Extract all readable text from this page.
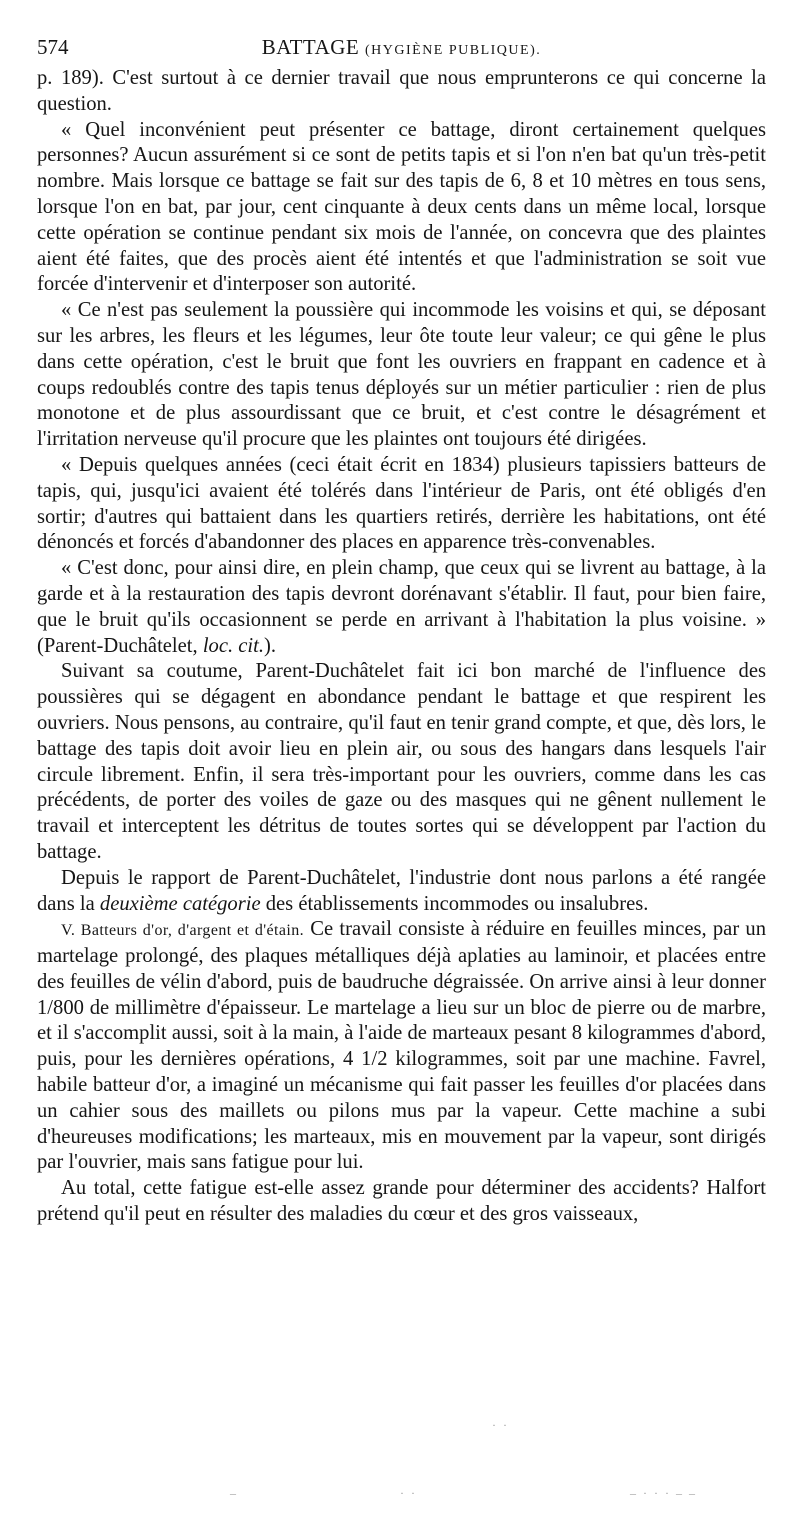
574	BATTAGE (HYGIÈNE PUBLIQUE).

p. 189). C'est surtout à ce dernier travail que nous emprunterons ce qui concerne la question.

« Quel inconvénient peut présenter ce battage, diront certainement quelques personnes? Aucun assurément si ce sont de petits tapis et si l'on n'en bat qu'un très-petit nombre. Mais lorsque ce battage se fait sur des tapis de 6, 8 et 10 mètres en tous sens, lorsque l'on en bat, par jour, cent cinquante à deux cents dans un même local, lorsque cette opération se continue pendant six mois de l'année, on concevra que des plaintes aient été faites, que des procès aient été intentés et que l'administration se soit vue forcée d'intervenir et d'interposer son autorité.

« Ce n'est pas seulement la poussière qui incommode les voisins et qui, se déposant sur les arbres, les fleurs et les légumes, leur ôte toute leur valeur; ce qui gêne le plus dans cette opération, c'est le bruit que font les ouvriers en frappant en cadence et à coups redoublés contre des tapis tenus déployés sur un métier particulier : rien de plus monotone et de plus assourdissant que ce bruit, et c'est contre le désagrément et l'irritation nerveuse qu'il procure que les plaintes ont toujours été dirigées.

« Depuis quelques années (ceci était écrit en 1834) plusieurs tapissiers batteurs de tapis, qui, jusqu'ici avaient été tolérés dans l'intérieur de Paris, ont été obligés d'en sortir; d'autres qui battaient dans les quartiers retirés, derrière les habitations, ont été dénoncés et forcés d'abandonner des places en apparence très-convenables.

« C'est donc, pour ainsi dire, en plein champ, que ceux qui se livrent au battage, à la garde et à la restauration des tapis devront dorénavant s'établir. Il faut, pour bien faire, que le bruit qu'ils occasionnent se perde en arrivant à l'habitation la plus voisine. » (Parent-Duchâtelet, loc. cit.).

Suivant sa coutume, Parent-Duchâtelet fait ici bon marché de l'influence des poussières qui se dégagent en abondance pendant le battage et que respirent les ouvriers. Nous pensons, au contraire, qu'il faut en tenir grand compte, et que, dès lors, le battage des tapis doit avoir lieu en plein air, ou sous des hangars dans lesquels l'air circule librement. Enfin, il sera très-important pour les ouvriers, comme dans les cas précédents, de porter des voiles de gaze ou des masques qui ne gênent nullement le travail et interceptent les détritus de toutes sortes qui se développent par l'action du battage.

Depuis le rapport de Parent-Duchâtelet, l'industrie dont nous parlons a été rangée dans la deuxième catégorie des établissements incommodes ou insalubres.

V. Batteurs d'or, d'argent et d'étain. Ce travail consiste à réduire en feuilles minces, par un martelage prolongé, des plaques métalliques déjà aplaties au laminoir, et placées entre des feuilles de vélin d'abord, puis de baudruche dégraissée. On arrive ainsi à leur donner 1/800 de millimètre d'épaisseur. Le martelage a lieu sur un bloc de pierre ou de marbre, et il s'accomplit aussi, soit à la main, à l'aide de marteaux pesant 8 kilogrammes d'abord, puis, pour les dernières opérations, 4 1/2 kilogrammes, soit par une machine. Favrel, habile batteur d'or, a imaginé un mécanisme qui fait passer les feuilles d'or placées dans un cahier sous des maillets ou pilons mus par la vapeur. Cette machine a subi d'heureuses modifications; les marteaux, mis en mouvement par la vapeur, sont dirigés par l'ouvrier, mais sans fatigue pour lui.

Au total, cette fatigue est-elle assez grande pour déterminer des accidents? Halfort prétend qu'il peut en résulter des maladies du cœur et des gros vaisseaux,

· ·
–	· ·	– · · · – –
